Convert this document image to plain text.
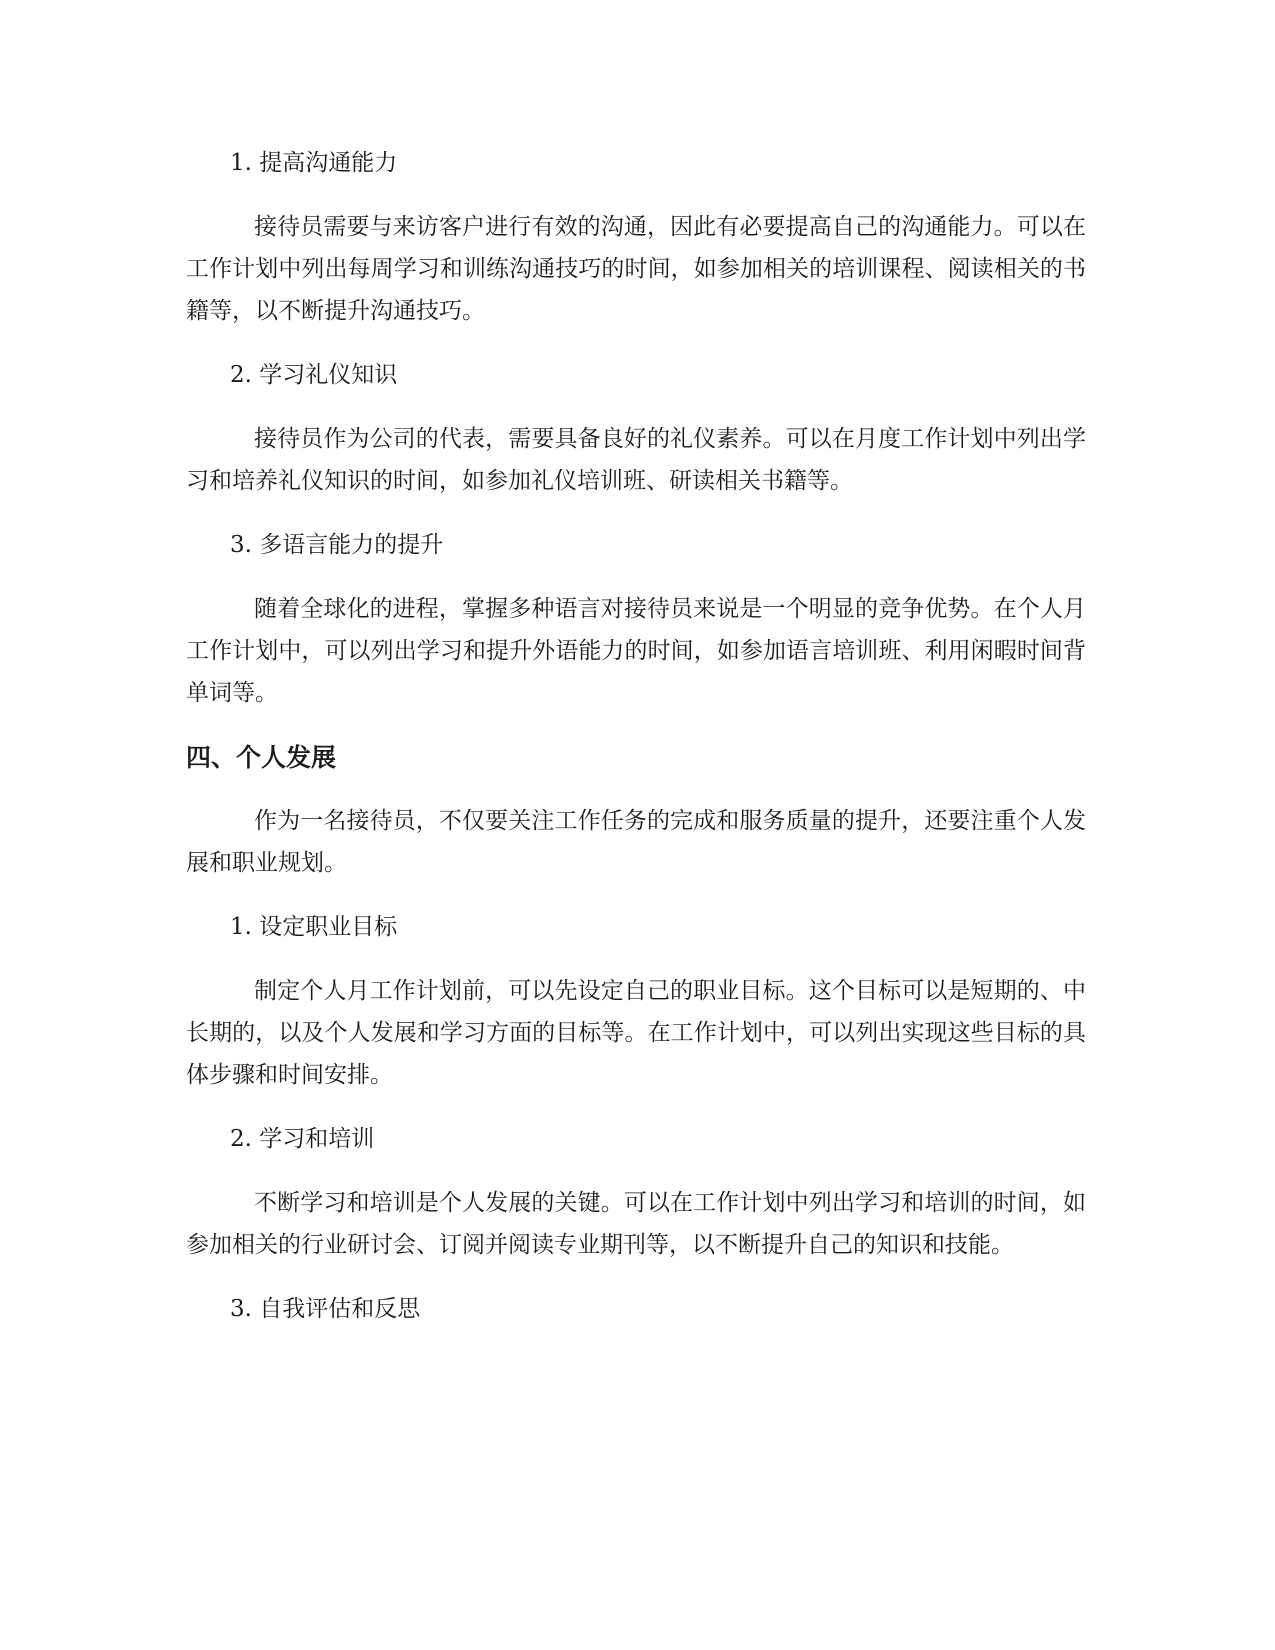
1. 提高沟通能力

接待员需要与来访客户进行有效的沟通，因此有必要提高自己的沟通能力。可以在工作计划中列出每周学习和训练沟通技巧的时间，如参加相关的培训课程、阅读相关的书籍等，以不断提升沟通技巧。

2. 学习礼仪知识

接待员作为公司的代表，需要具备良好的礼仪素养。可以在月度工作计划中列出学习和培养礼仪知识的时间，如参加礼仪培训班、研读相关书籍等。

3. 多语言能力的提升

随着全球化的进程，掌握多种语言对接待员来说是一个明显的竞争优势。在个人月工作计划中，可以列出学习和提升外语能力的时间，如参加语言培训班、利用闲暇时间背单词等。

四、个人发展

作为一名接待员，不仅要关注工作任务的完成和服务质量的提升，还要注重个人发展和职业规划。

1. 设定职业目标

制定个人月工作计划前，可以先设定自己的职业目标。这个目标可以是短期的、中长期的，以及个人发展和学习方面的目标等。在工作计划中，可以列出实现这些目标的具体步骤和时间安排。

2. 学习和培训

不断学习和培训是个人发展的关键。可以在工作计划中列出学习和培训的时间，如参加相关的行业研讨会、订阅并阅读专业期刊等，以不断提升自己的知识和技能。

3. 自我评估和反思
